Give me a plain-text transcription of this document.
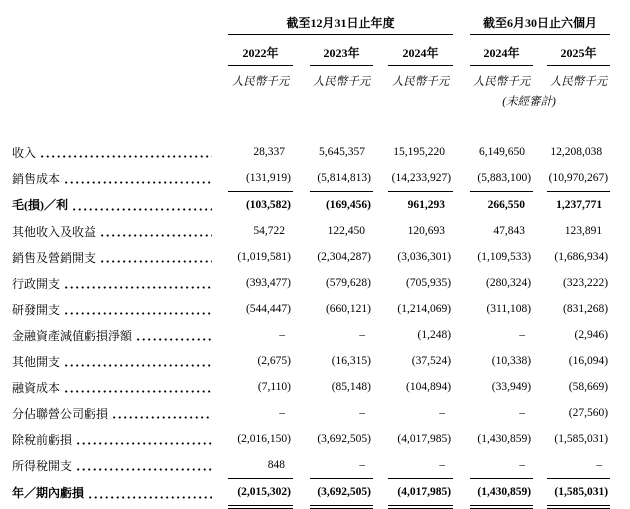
	截至12月31日止年度						截至6月30日止六個月		
	2022年		2023年		2024年		2024年		2025年
	人民幣千元		人民幣千元		人民幣千元		人民幣千元		人民幣千元
							(未經審計)		

收入	28,337		5,645,357		15,195,220		6,149,650		12,208,038

銷售成本	(131,919)		(5,814,813)		(14,233,927)		(5,883,100)		(10,970,267)

毛(損)／利	(103,582)		(169,456)		961,293		266,550		1,237,771

其他收入及收益	54,722		122,450		120,693		47,843		123,891

銷售及營銷開支	(1,019,581)		(2,304,287)		(3,036,301)		(1,109,533)		(1,686,934)

行政開支	(393,477)		(579,628)		(705,935)		(280,324)		(323,222)

研發開支	(544,447)		(660,121)		(1,214,069)		(311,108)		(831,268)

金融資產減值虧損淨額	–		–		(1,248)		–		(2,946)

其他開支	(2,675)		(16,315)		(37,524)		(10,338)		(16,094)

融資成本	(7,110)		(85,148)		(104,894)		(33,949)		(58,669)

分佔聯營公司虧損	–		–		–		–		(27,560)

除稅前虧損	(2,016,150)		(3,692,505)		(4,017,985)		(1,430,859)		(1,585,031)

所得稅開支	848		–		–		–		–

年／期內虧損	(2,015,302)		(3,692,505)		(4,017,985)		(1,430,859)		(1,585,031)
